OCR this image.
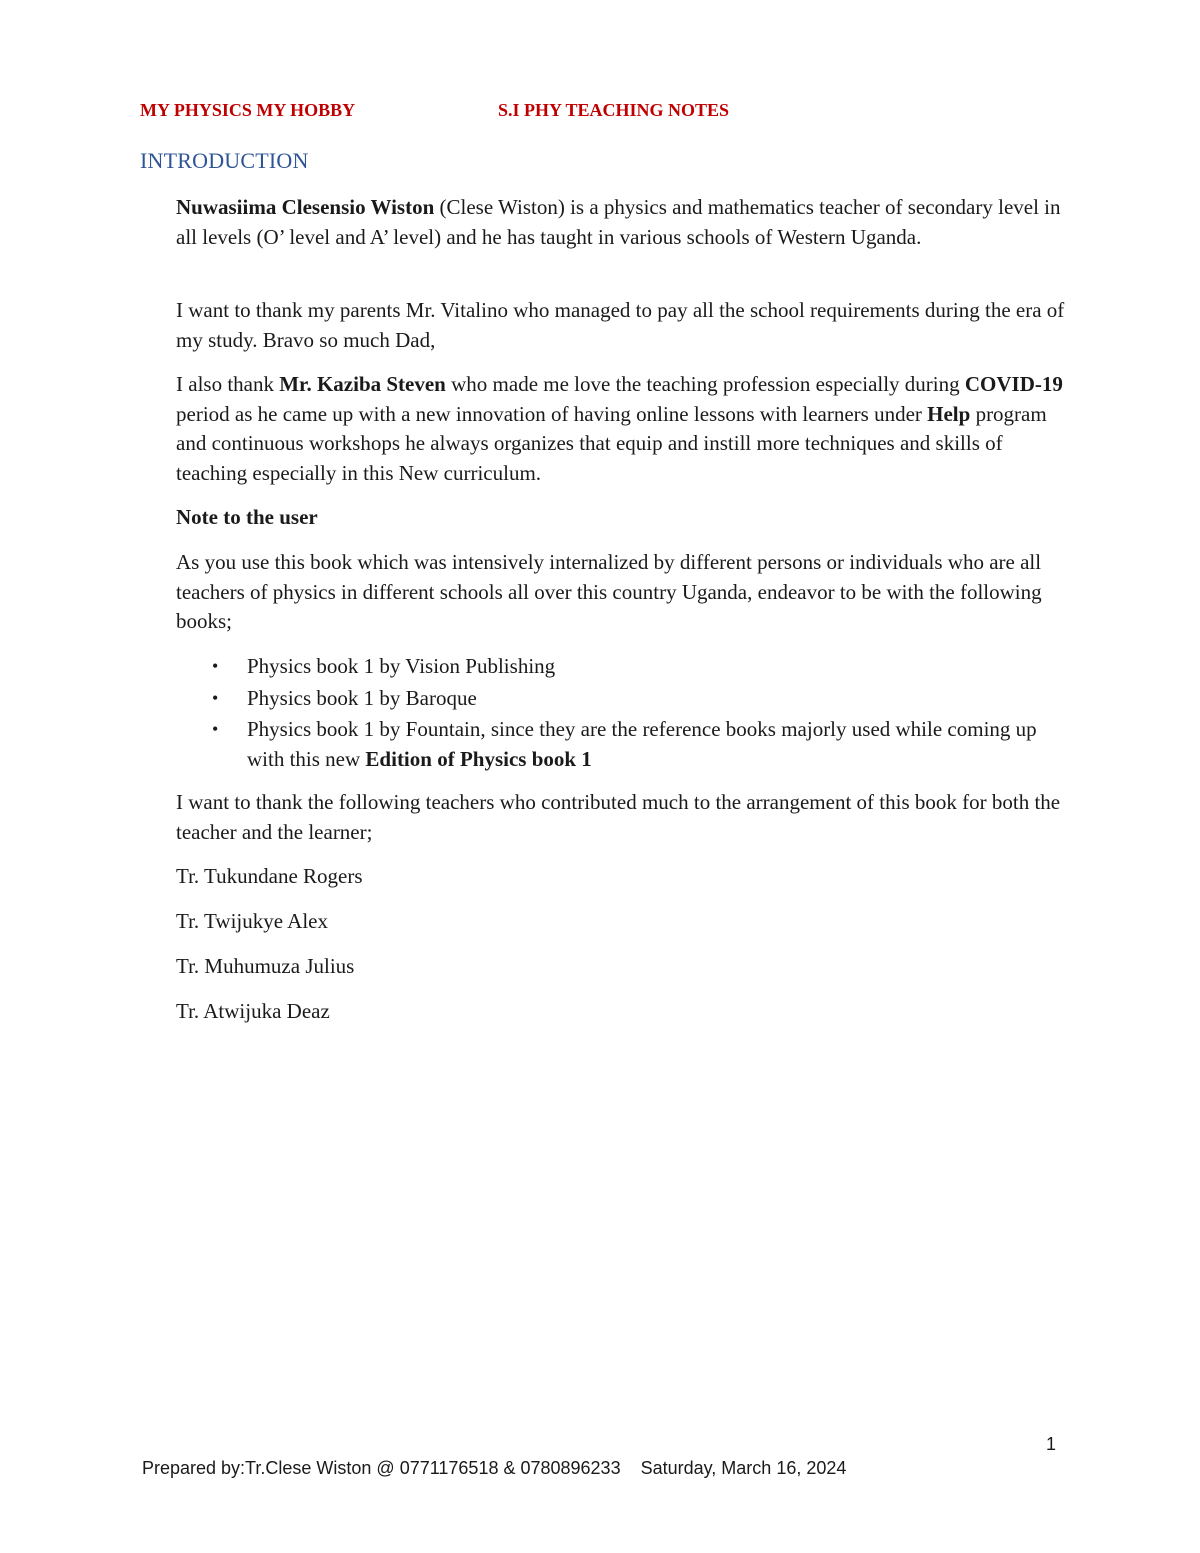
MY PHYSICS MY HOBBY	S.I PHY TEACHING NOTES
INTRODUCTION

Nuwasiima Clesensio Wiston (Clese Wiston) is a physics and mathematics teacher of secondary level in all levels (O’ level and A’ level) and he has taught in various schools of Western Uganda.

I want to thank my parents Mr. Vitalino who managed to pay all the school requirements during the era of my study. Bravo so much Dad,

I also thank Mr. Kaziba Steven who made me love the teaching profession especially during COVID-19 period as he came up with a new innovation of having online lessons with learners under Help program and continuous workshops he always organizes that equip and instill more techniques and skills of teaching especially in this New curriculum.

Note to the user

As you use this book which was intensively internalized by different persons or individuals who are all teachers of physics in different schools all over this country Uganda, endeavor to be with the following books;

• Physics book 1 by Vision Publishing
• Physics book 1 by Baroque
• Physics book 1 by Fountain, since they are the reference books majorly used while coming up with this new Edition of Physics book 1

I want to thank the following teachers who contributed much to the arrangement of this book for both the teacher and the learner;

Tr. Tukundane Rogers
Tr. Twijukye Alex
Tr. Muhumuza Julius
Tr. Atwijuka Deaz
1
Prepared by:Tr.Clese Wiston @ 0771176518 & 0780896233 Saturday, March 16, 2024
